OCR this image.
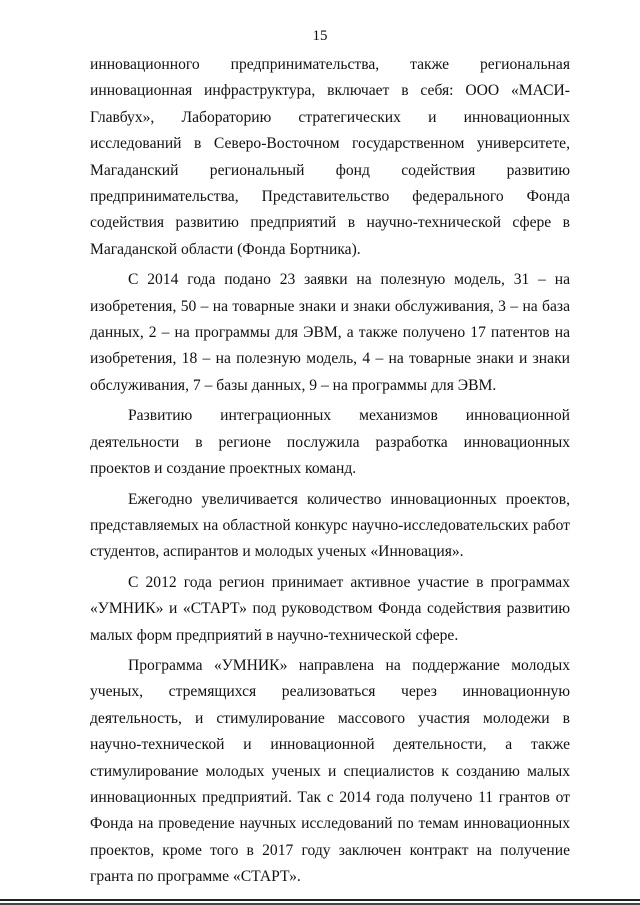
15

инновационного предпринимательства, также региональная инновационная инфраструктура, включает в себя: ООО «МАСИ-Главбух», Лабораторию стратегических и инновационных исследований в Северо-Восточном государственном университете, Магаданский региональный фонд содействия развитию предпринимательства, Представительство федерального Фонда содействия развитию предприятий в научно-технической сфере в Магаданской области (Фонда Бортника).

С 2014 года подано 23 заявки на полезную модель, 31 – на изобретения, 50 – на товарные знаки и знаки обслуживания, 3 – на база данных, 2 – на программы для ЭВМ, а также получено 17 патентов на изобретения, 18 – на полезную модель, 4 – на товарные знаки и знаки обслуживания, 7 – базы данных, 9 – на программы для ЭВМ.

Развитию интеграционных механизмов инновационной деятельности в регионе послужила разработка инновационных проектов и создание проектных команд.

Ежегодно увеличивается количество инновационных проектов, представляемых на областной конкурс научно-исследовательских работ студентов, аспирантов и молодых ученых «Инновация».

С 2012 года регион принимает активное участие в программах «УМНИК» и «СТАРТ» под руководством Фонда содействия развитию малых форм предприятий в научно-технической сфере.

Программа «УМНИК» направлена на поддержание молодых ученых, стремящихся реализоваться через инновационную деятельность, и стимулирование массового участия молодежи в научно-технической и инновационной деятельности, а также стимулирование молодых ученых и специалистов к созданию малых инновационных предприятий. Так с 2014 года получено 11 грантов от Фонда на проведение научных исследований по темам инновационных проектов, кроме того в 2017 году заключен контракт на получение гранта по программе «СТАРТ».
